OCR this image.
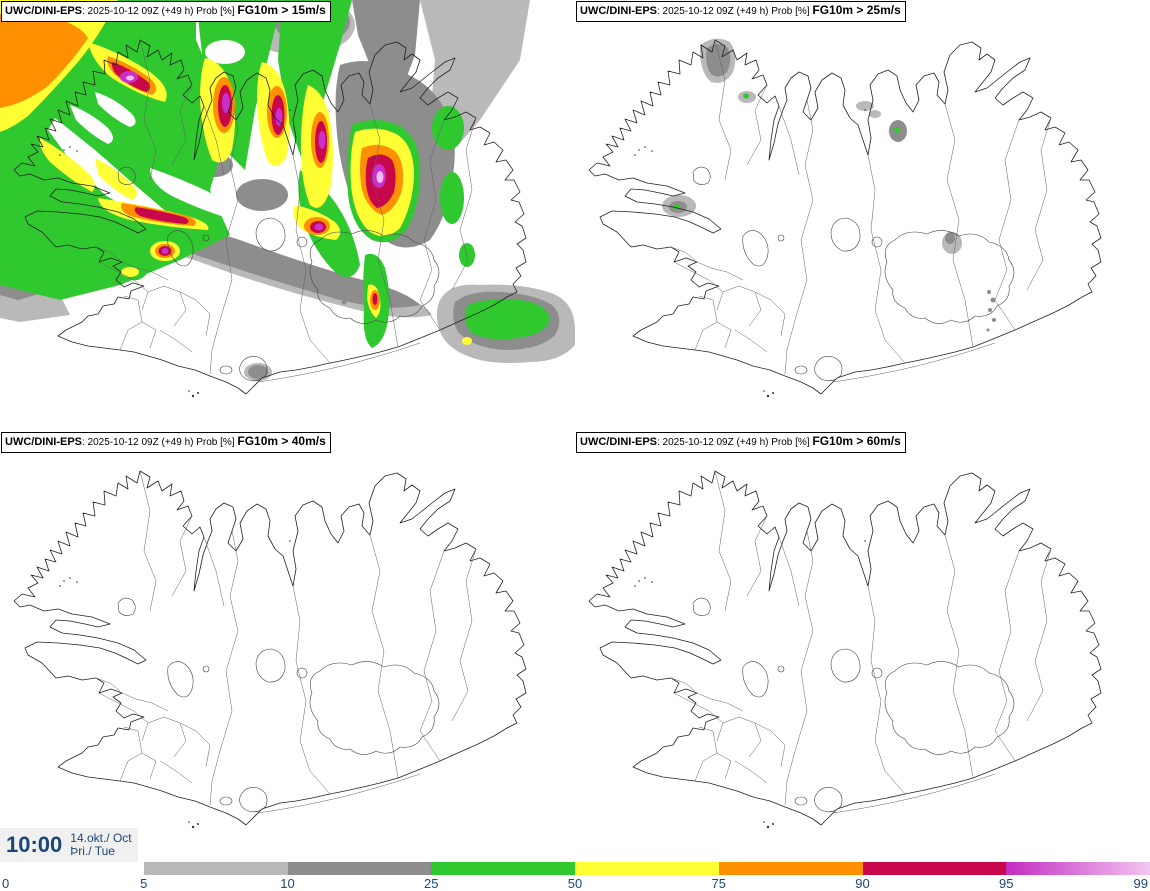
UWC/DINI-EPS: 2025-10-12 09Z (+49 h) Prob [%] FG10m > 15m/s	UWC/DINI-EPS: 2025-10-12 09Z (+49 h) Prob [%] FG10m > 25m/s
UWC/DINI-EPS: 2025-10-12 09Z (+49 h) Prob [%] FG10m > 40m/s	UWC/DINI-EPS: 2025-10-12 09Z (+49 h) Prob [%] FG10m > 60m/s
10:00 14.okt./ Oct
Þri./ Tue
0	5	10	25	50	75	90	95	99
